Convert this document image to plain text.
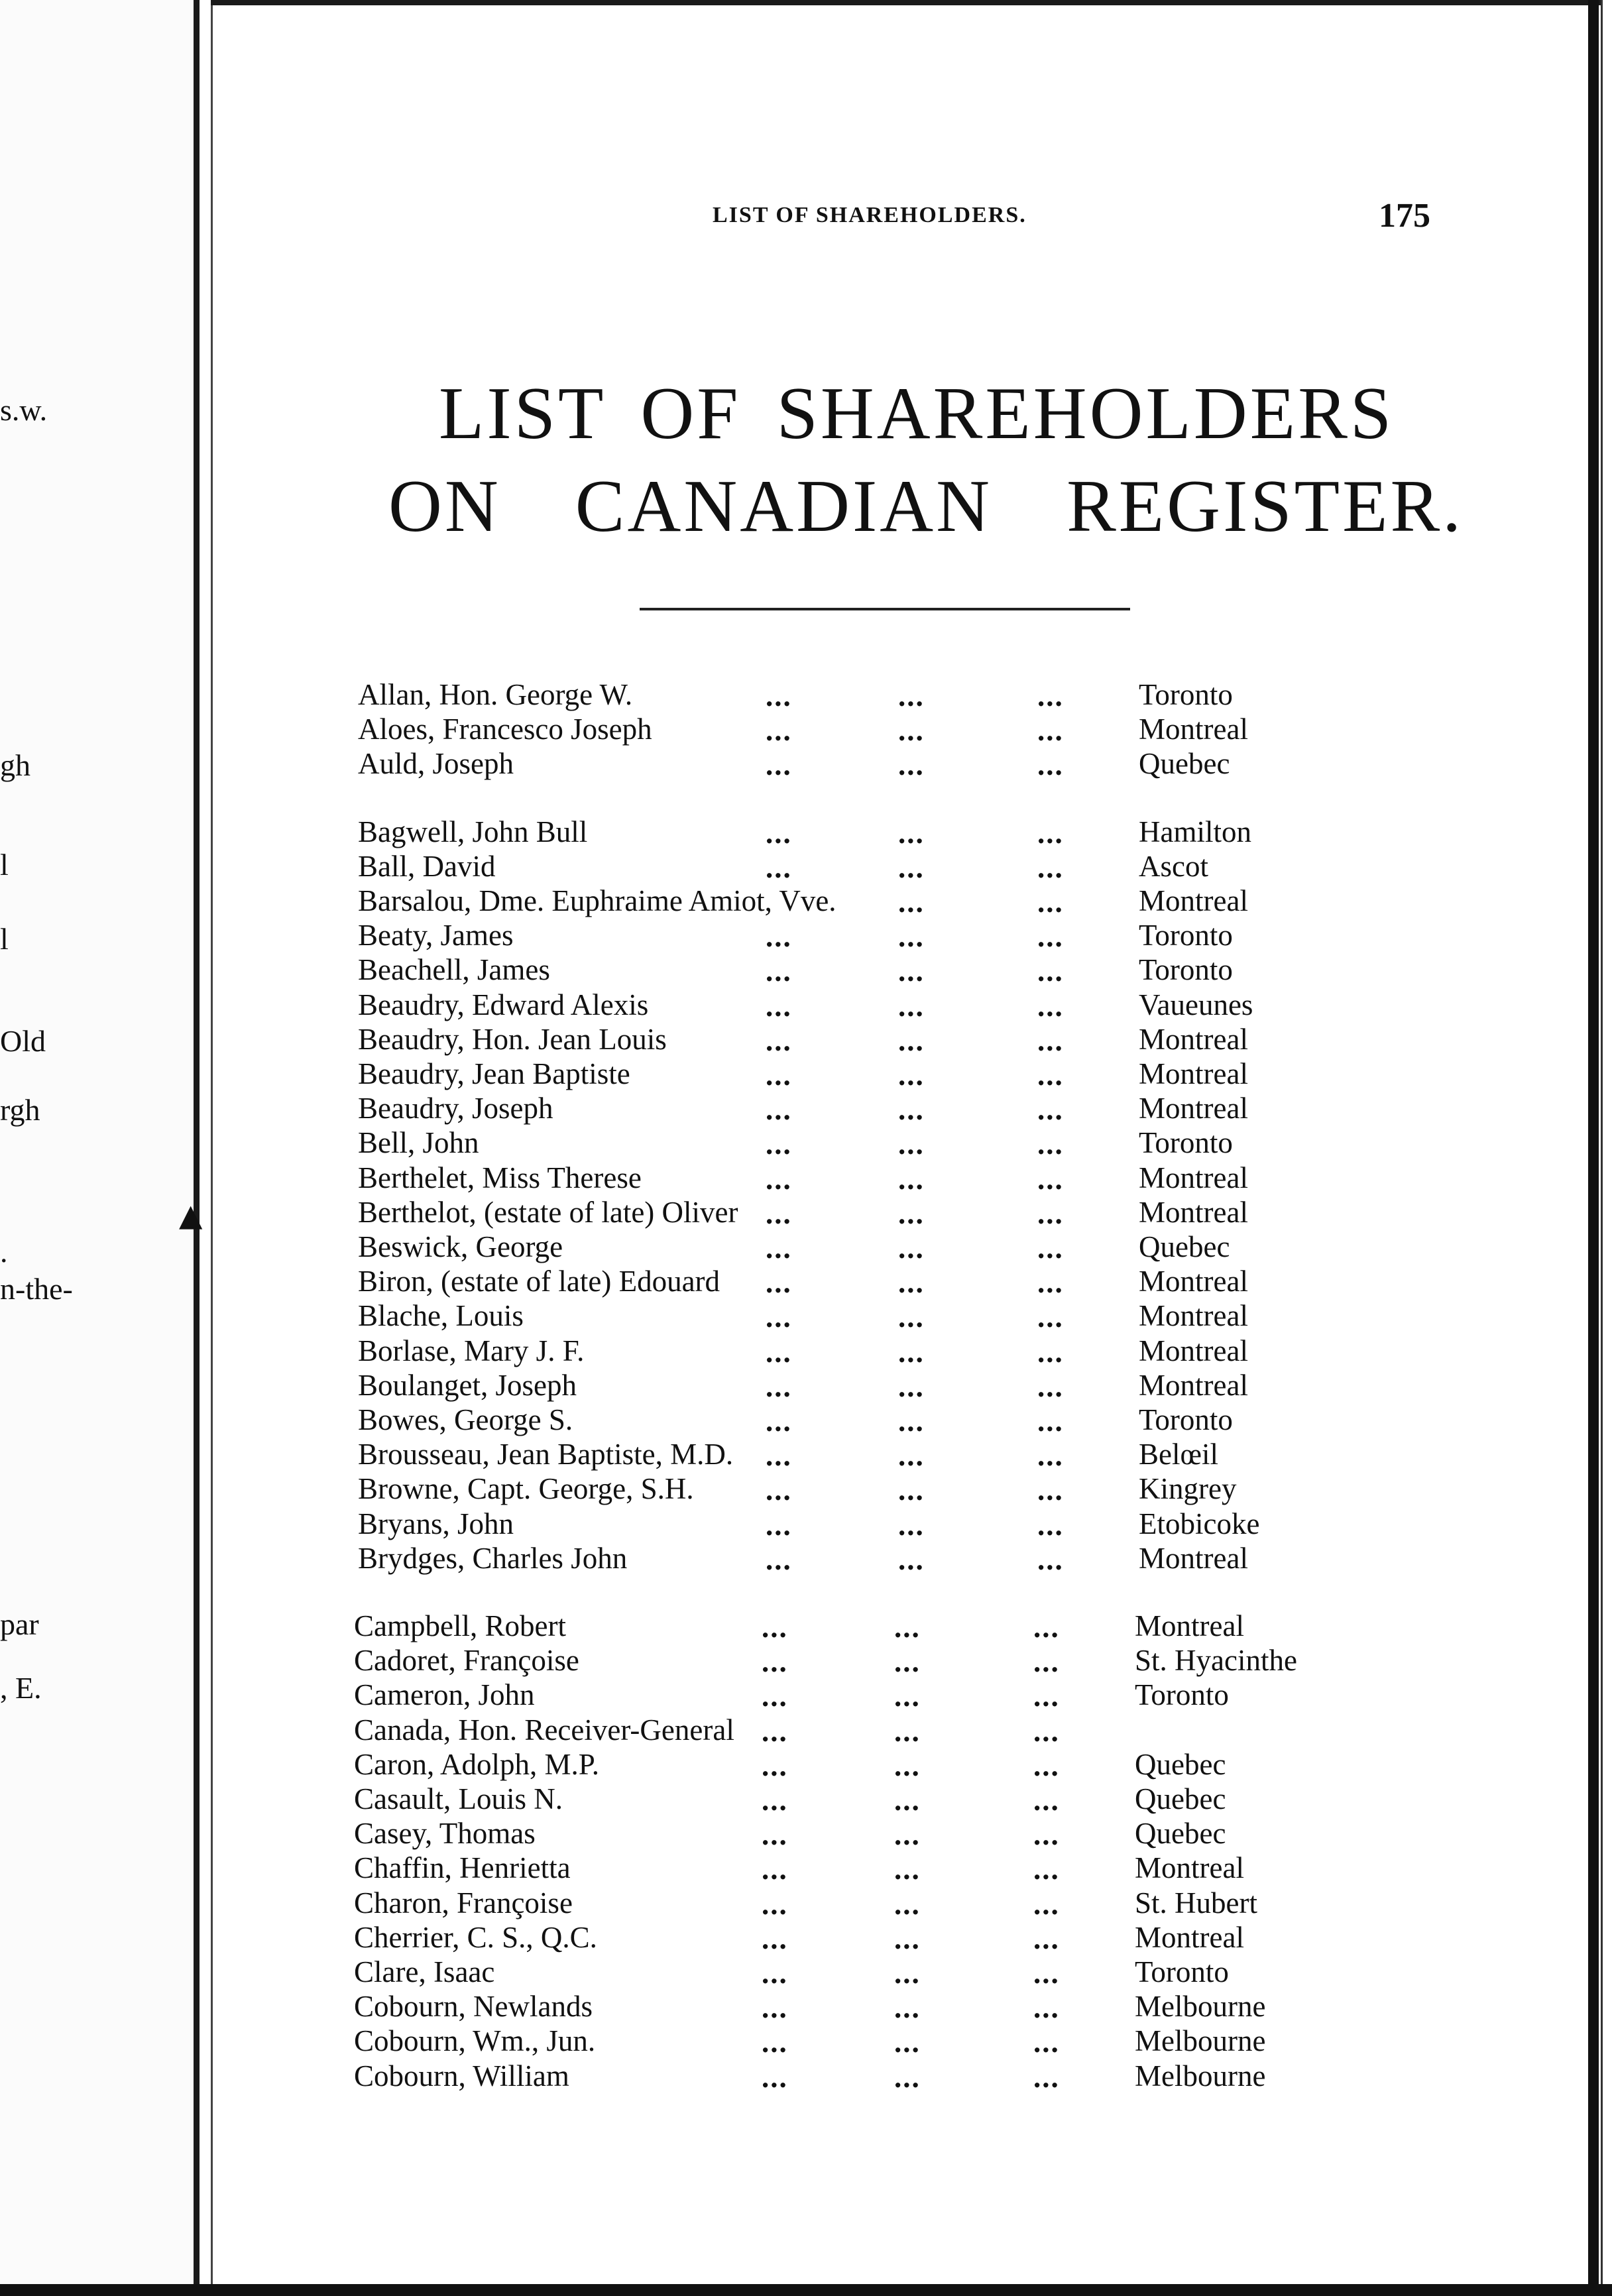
s.w.
gh
l
l
Old
rgh
.
n-the-
par
, E.
▲
LIST OF SHAREHOLDERS.	175
LIST OF SHAREHOLDERS
ON CANADIAN REGISTER.
Allan, Hon. George W.	...	...	...	Toronto
Aloes, Francesco Joseph	...	...	...	Montreal
Auld, Joseph	...	...	...	Quebec
Bagwell, John Bull	...	...	...	Hamilton
Ball, David	...	...	...	Ascot
Barsalou, Dme. Euphraime Amiot, Vve. ...	...	Montreal
Beaty, James	...	...	...	Toronto
Beachell, James	...	...	...	Toronto
Beaudry, Edward Alexis	...	...	...	Vaueunes
Beaudry, Hon. Jean Louis	...	...	...	Montreal
Beaudry, Jean Baptiste	...	...	...	Montreal
Beaudry, Joseph	...	...	...	Montreal
Bell, John	...	...	...	Toronto
Berthelet, Miss Therese	...	...	...	Montreal
Berthelot, (estate of late) Oliver ...	...	...	Montreal
Beswick, George	...	...	...	Quebec
Biron, (estate of late) Edouard ...	...	...	Montreal
Blache, Louis	...	...	...	Montreal
Borlase, Mary J. F.	...	...	...	Montreal
Boulanget, Joseph	...	...	...	Montreal
Bowes, George S.	...	...	...	Toronto
Brousseau, Jean Baptiste, M.D. ...	...	...	Belœil
Browne, Capt. George, S.H. ...	...	...	Kingrey
Bryans, John	...	...	...	Etobicoke
Brydges, Charles John	...	...	...	Montreal
Campbell, Robert	...	...	...	Montreal
Cadoret, Françoise	...	...	...	St. Hyacinthe
Cameron, John	...	...	...	Toronto
Canada, Hon. Receiver-General ...	...	...
Caron, Adolph, M.P.	...	...	...	Quebec
Casault, Louis N.	...	...	...	Quebec
Casey, Thomas	...	...	...	Quebec
Chaffin, Henrietta	...	...	...	Montreal
Charon, Françoise	...	...	...	St. Hubert
Cherrier, C. S., Q.C.	...	...	...	Montreal
Clare, Isaac	...	...	...	Toronto
Cobourn, Newlands	...	...	...	Melbourne
Cobourn, Wm., Jun.	...	...	...	Melbourne
Cobourn, William	...	...	...	Melbourne
